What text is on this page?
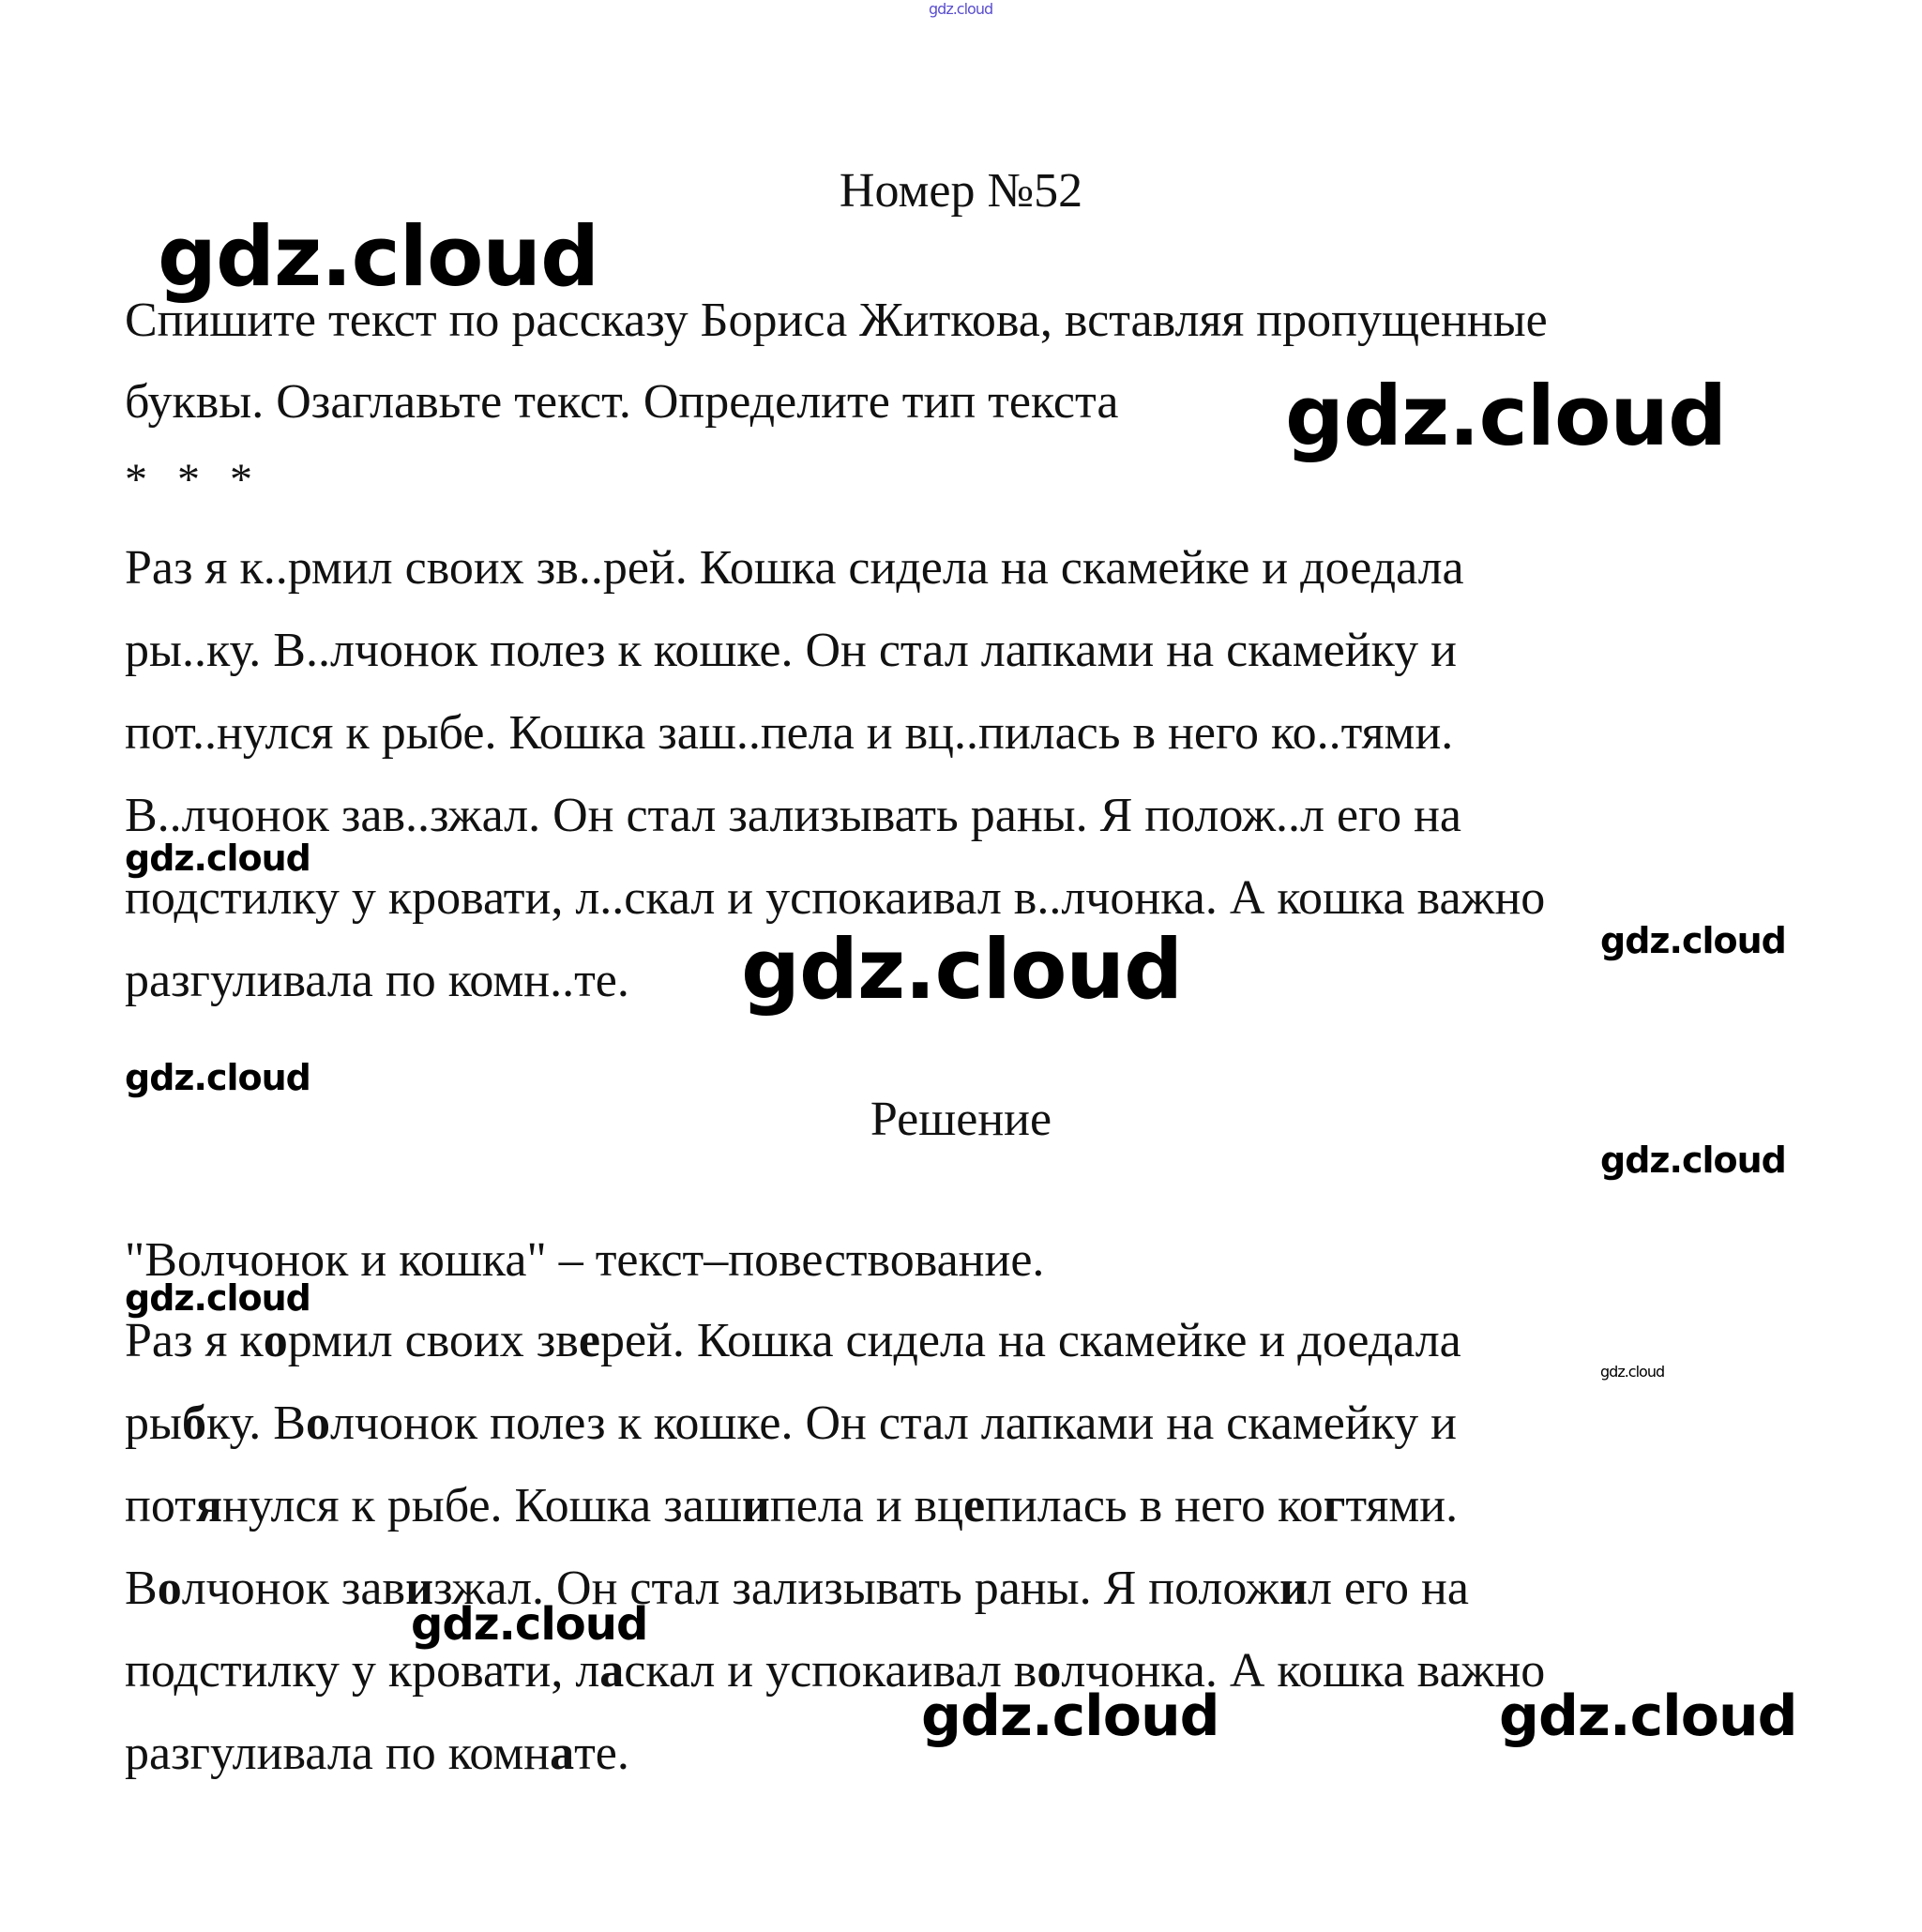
gdz.cloud
Номер №52
Спишите текст по рассказу Бориса Житкова, вставляя пропущенные
буквы. Озаглавьте текст. Определите тип текста
* * *
Раз я к..рмил своих зв..рей. Кошка сидела на скамейке и доедала
ры..ку. В..лчонок полез к кошке. Он стал лапками на скамейку и
пот..нулся к рыбе. Кошка заш..пела и вц..пилась в него ко..тями.
В..лчонок зав..зжал. Он стал зализывать раны. Я полож..л его на
подстилку у кровати, л..скал и успокаивал в..лчонка. А кошка важно
разгуливала по комн..те.
Решение
"Волчонок и кошка" – текст–повествование.
Раз я кормил своих зверей. Кошка сидела на скамейке и доедала
рыбку. Волчонок полез к кошке. Он стал лапками на скамейку и
потянулся к рыбе. Кошка зашипела и вцепилась в него когтями.
Волчонок завизжал. Он стал зализывать раны. Я положил его на
подстилку у кровати, ласкал и успокаивал волчонка. А кошка важно
разгуливала по комнате.
gdz.cloud
gdz.cloud
gdz.cloud
gdz.cloud
gdz.cloud
gdz.cloud
gdz.cloud
gdz.cloud
gdz.cloud
gdz.cloud
gdz.cloud	gdz.cloud
